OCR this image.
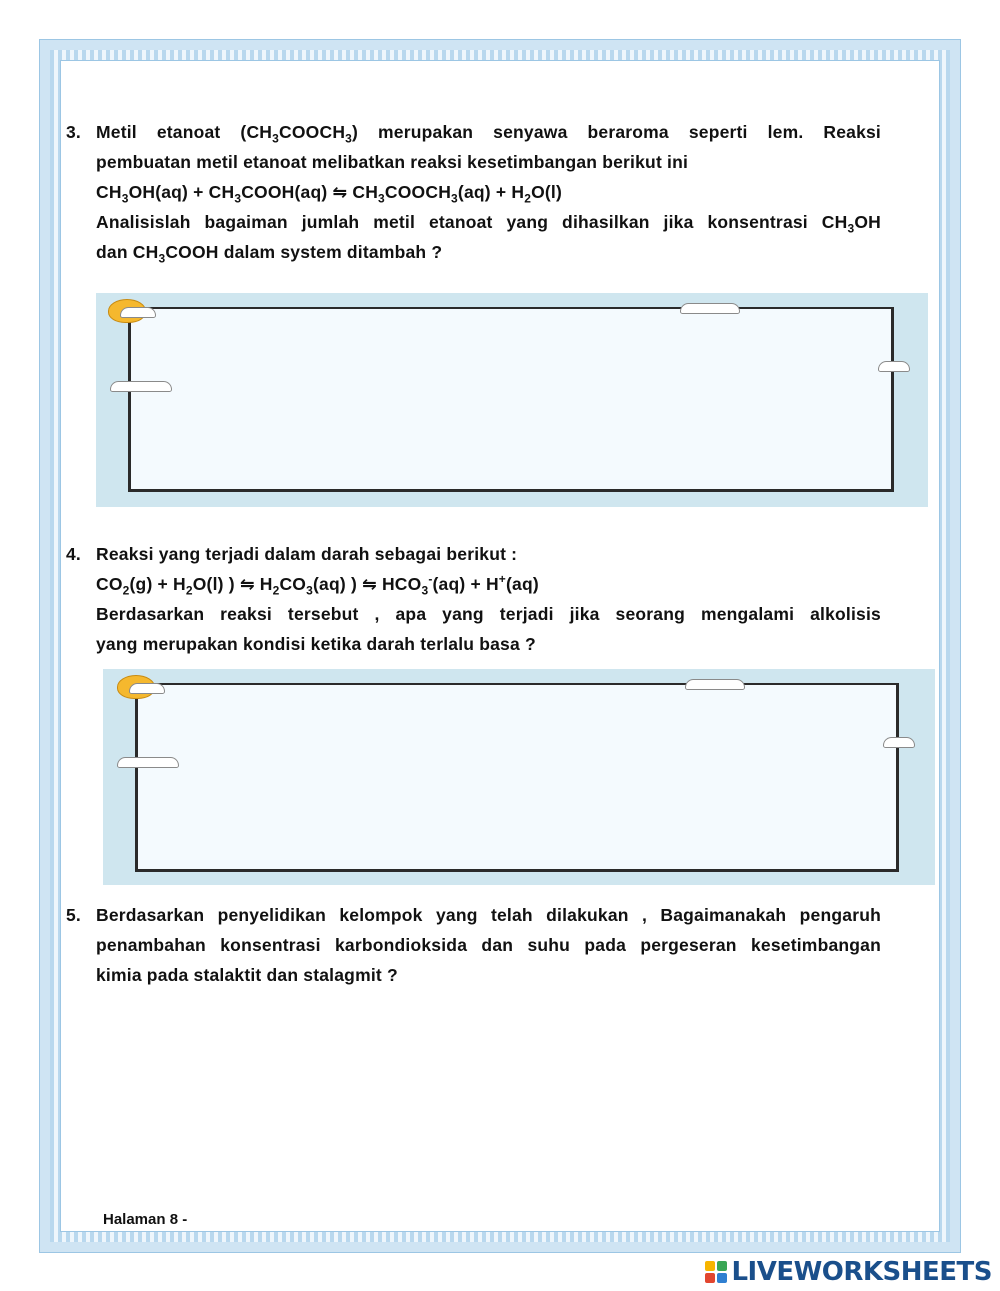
3. Metil etanoat $(CH_3COOCH_3)$ merupakan senyawa beraroma seperti lem. Reaksi
pembuatan metil etanoat melibatkan reaksi kesetimbangan berikut ini
$CH_3OH(aq)$ + $CH_3COOH(aq)$ ⇋ $CH_3COOCH_3(aq) + H_2O(l)$
Analisislah bagaiman jumlah metil etanoat yang dihasilkan jika konsentrasi $CH_3OH$
dan $CH_3COOH$ dalam system ditambah ?
4. Reaksi yang terjadi dalam darah sebagai berikut :
$CO_2(g) + H_2O(l)$ ) ⇋ $H_2CO_3(aq)$ ) ⇋ $HCO_3^-(aq) + H^+(aq)$
Berdasarkan reaksi tersebut , apa yang terjadi jika seorang mengalami alkolisis
yang merupakan kondisi ketika darah terlalu basa ?
5. Berdasarkan penyelidikan kelompok yang telah dilakukan , Bagaimanakah pengaruh
penambahan konsentrasi karbondioksida dan suhu pada pergeseran kesetimbangan
kimia pada stalaktit dan stalagmit ?
Halaman 8 -
LIVEWORKSHEETS
